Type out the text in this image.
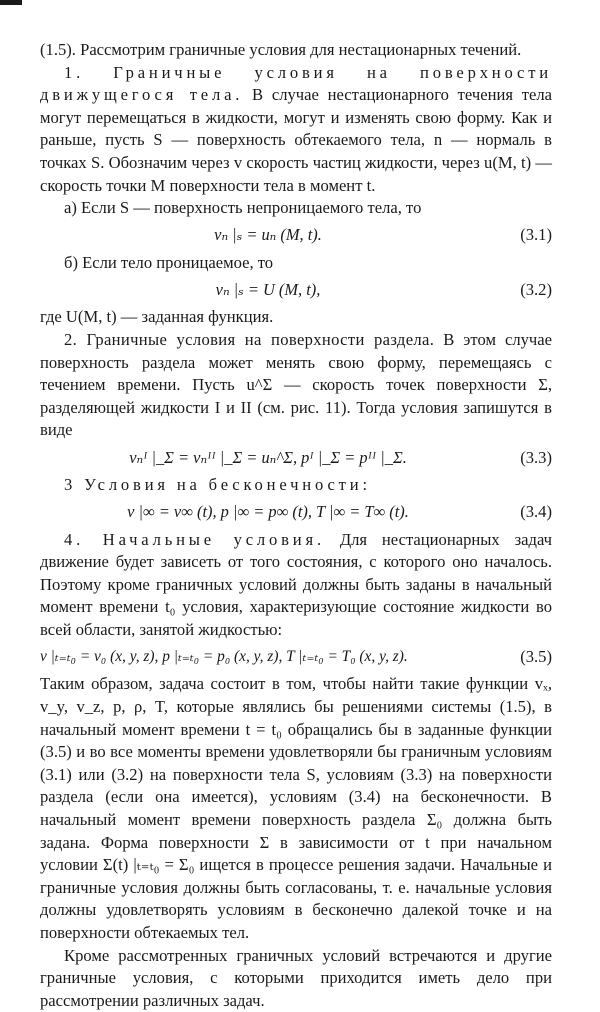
(1.5). Рассмотрим граничные условия для нестационарных течений.

1. Граничные условия на поверхности движущегося тела. В случае нестационарного течения тела могут перемещаться в жидкости, могут и изменять свою форму. Как и раньше, пусть S — поверхность обтекаемого тела, n — нормаль в точках S. Обозначим через v скорость частиц жидкости, через u(M, t) — скорость точки M поверхности тела в момент t.

а) Если S — поверхность непроницаемого тела, то

vₙ |ₛ = uₙ (M, t).	(3.1)

б) Если тело проницаемое, то

vₙ |ₛ = U (M, t),	(3.2)

где U(M, t) — заданная функция.

2. Граничные условия на поверхности раздела. В этом случае поверхность раздела может менять свою форму, перемещаясь с течением времени. Пусть u^Σ — скорость точек поверхности Σ, разделяющей жидкости I и II (см. рис. 11). Тогда условия запишутся в виде

vₙᴵ |_Σ = vₙᴵᴵ |_Σ = uₙ^Σ, pᴵ |_Σ = pᴵᴵ |_Σ.	(3.3)

3 Условия на бесконечности:

v |∞ = v∞ (t), p |∞ = p∞ (t), T |∞ = T∞ (t).	(3.4)

4. Начальные условия. Для нестационарных задач движение будет зависеть от того состояния, с которого оно началось. Поэтому кроме граничных условий должны быть заданы в начальный момент времени t₀ условия, характеризующие состояние жидкости во всей области, занятой жидкостью:

v |ₜ₌ₜ₀ = v₀ (x, y, z), p |ₜ₌ₜ₀ = p₀ (x, y, z), T |ₜ₌ₜ₀ = T₀ (x, y, z).	(3.5)

Таким образом, задача состоит в том, чтобы найти такие функции vₓ, v_y, v_z, p, ρ, T, которые являлись бы решениями системы (1.5), в начальный момент времени t = t₀ обращались бы в заданные функции (3.5) и во все моменты времени удовлетворяли бы граничным условиям (3.1) или (3.2) на поверхности тела S, условиям (3.3) на поверхности раздела (если она имеется), условиям (3.4) на бесконечности. В начальный момент времени поверхность раздела Σ₀ должна быть задана. Форма поверхности Σ в зависимости от t при начальном условии Σ(t) |ₜ₌ₜ₀ = Σ₀ ищется в процессе решения задачи. Начальные и граничные условия должны быть согласованы, т. е. начальные условия должны удовлетворять условиям в бесконечно далекой точке и на поверхности обтекаемых тел.

Кроме рассмотренных граничных условий встречаются и другие граничные условия, с которыми приходится иметь дело при рассмотрении различных задач.
